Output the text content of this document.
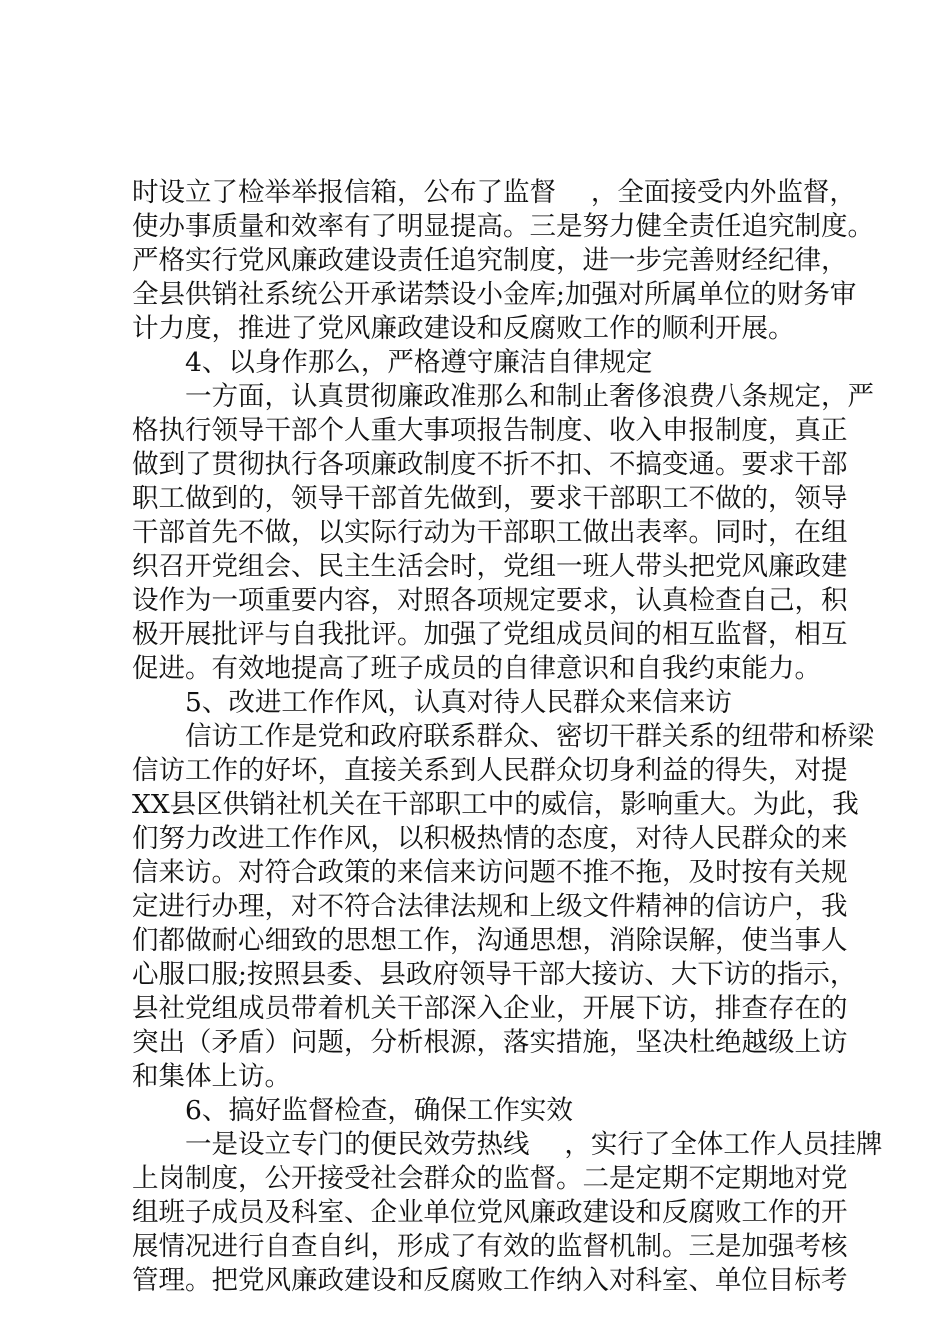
时设立了检举举报信箱，公布了监督　 ，全面接受内外监督，
使办事质量和效率有了明显提高。三是努力健全责任追究制度。
严格实行党风廉政建设责任追究制度，进一步完善财经纪律，
全县供销社系统公开承诺禁设小金库;加强对所属单位的财务审
计力度，推进了党风廉政建设和反腐败工作的顺利开展。
　　4、以身作那么，严格遵守廉洁自律规定
　　一方面，认真贯彻廉政准那么和制止奢侈浪费八条规定，严
格执行领导干部个人重大事项报告制度、收入申报制度，真正
做到了贯彻执行各项廉政制度不折不扣、不搞变通。要求干部
职工做到的，领导干部首先做到，要求干部职工不做的，领导
干部首先不做，以实际行动为干部职工做出表率。同时，在组
织召开党组会、民主生活会时，党组一班人带头把党风廉政建
设作为一项重要内容，对照各项规定要求，认真检查自己，积
极开展批评与自我批评。加强了党组成员间的相互监督，相互
促进。有效地提高了班子成员的自律意识和自我约束能力。
　　5、改进工作作风，认真对待人民群众来信来访
　　信访工作是党和政府联系群众、密切干群关系的纽带和桥梁
信访工作的好坏，直接关系到人民群众切身利益的得失，对提
XX县区供销社机关在干部职工中的威信，影响重大。为此，我
们努力改进工作作风，以积极热情的态度，对待人民群众的来
信来访。对符合政策的来信来访问题不推不拖，及时按有关规
定进行办理，对不符合法律法规和上级文件精神的信访户，我
们都做耐心细致的思想工作，沟通思想，消除误解，使当事人
心服口服;按照县委、县政府领导干部大接访、大下访的指示，
县社党组成员带着机关干部深入企业，开展下访，排查存在的
突出（矛盾）问题，分析根源，落实措施，坚决杜绝越级上访
和集体上访。
　　6、搞好监督检查，确保工作实效
　　一是设立专门的便民效劳热线　 ，实行了全体工作人员挂牌
上岗制度，公开接受社会群众的监督。二是定期不定期地对党
组班子成员及科室、企业单位党风廉政建设和反腐败工作的开
展情况进行自查自纠，形成了有效的监督机制。三是加强考核
管理。把党风廉政建设和反腐败工作纳入对科室、单位目标考
